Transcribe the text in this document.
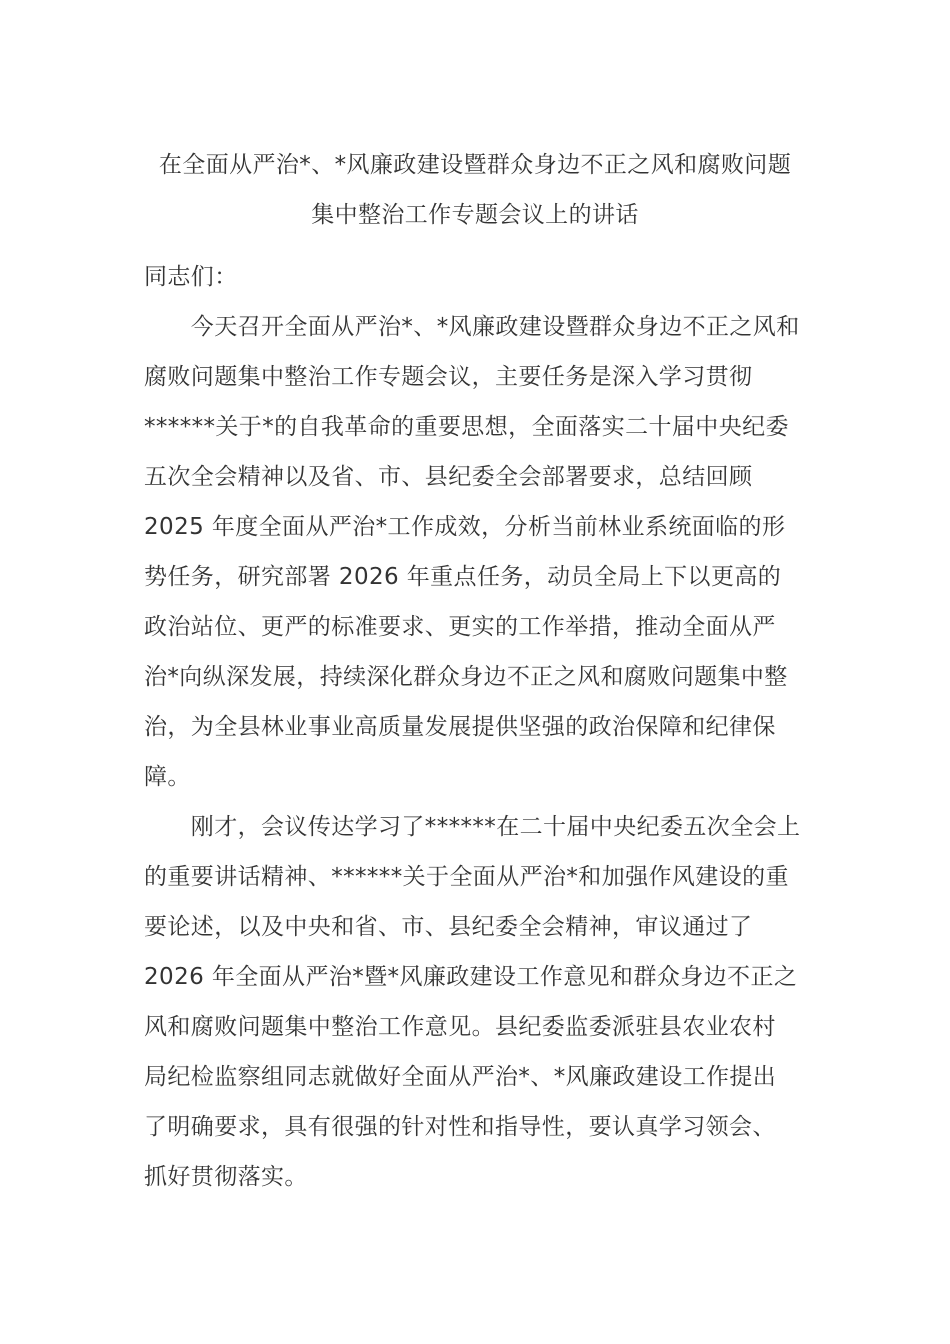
在全面从严治*、*风廉政建设暨群众身边不正之风和腐败问题
集中整治工作专题会议上的讲话
同志们：
　　今天召开全面从严治*、*风廉政建设暨群众身边不正之风和
腐败问题集中整治工作专题会议，主要任务是深入学习贯彻
******关于*的自我革命的重要思想，全面落实二十届中央纪委
五次全会精神以及省、市、县纪委全会部署要求，总结回顾
2025 年度全面从严治*工作成效，分析当前林业系统面临的形
势任务，研究部署 2026 年重点任务，动员全局上下以更高的
政治站位、更严的标准要求、更实的工作举措，推动全面从严
治*向纵深发展，持续深化群众身边不正之风和腐败问题集中整
治，为全县林业事业高质量发展提供坚强的政治保障和纪律保
障。
　　刚才，会议传达学习了******在二十届中央纪委五次全会上
的重要讲话精神、******关于全面从严治*和加强作风建设的重
要论述，以及中央和省、市、县纪委全会精神，审议通过了
2026 年全面从严治*暨*风廉政建设工作意见和群众身边不正之
风和腐败问题集中整治工作意见。县纪委监委派驻县农业农村
局纪检监察组同志就做好全面从严治*、*风廉政建设工作提出
了明确要求，具有很强的针对性和指导性，要认真学习领会、
抓好贯彻落实。
